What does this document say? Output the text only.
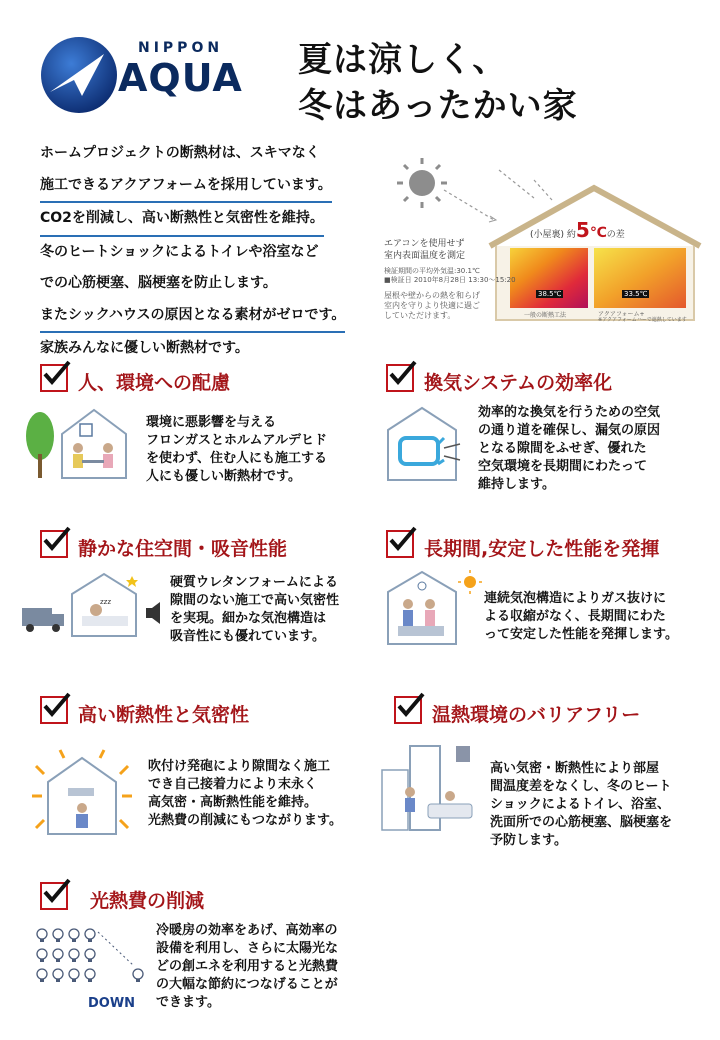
NIPPON
AQUA 夏は涼しく、
冬はあったかい家
ホームプロジェクトの断熱材は、スキマなく
施工できるアクアフォームを採用しています。 CO2を削減し、高い断熱性と気密性を維持。
冬のヒートショックによるトイレや浴室など
での心筋梗塞、脳梗塞を防止します。
またシックハウスの原因となる素材がゼロです。
家族みんなに優しい断熱材です。
(小屋裏) 約5℃の差
エアコンを使用せず
室内表面温度を測定
検証期間の平均外気温:30.1℃
■検証日 2010年8月28日 13:30～15:20
屋根や壁からの熱を和らげ
室内を守りより快適に過ご
していただけます。
38.5℃	33.5℃
一般の断熱工法	アクアフォーム+
※アクアフォームハーで遮熱しています
人、環境への配慮
環境に悪影響を与える
フロンガスとホルムアルデヒド
を使わず、住む人にも施工する
人にも優しい断熱材です。
換気システムの効率化
効率的な換気を行うための空気
の通り道を確保し、漏気の原因
となる隙間をふせぎ、優れた
空気環境を長期間にわたって
維持します。
静かな住空間・吸音性能
zzz
硬質ウレタンフォームによる
隙間のない施工で高い気密性
を実現。細かな気泡構造は
吸音性にも優れています。
長期間,安定した性能を発揮
連続気泡構造によりガス抜けに
よる収縮がなく、長期間にわた
って安定した性能を発揮します。
高い断熱性と気密性
吹付け発砲により隙間なく施工
でき自己接着力により末永く
高気密・高断熱性能を維持。
光熱費の削減にもつながります。
温熱環境のバリアフリー
高い気密・断熱性により部屋
間温度差をなくし、冬のヒート
ショックによるトイレ、浴室、
洗面所での心筋梗塞、脳梗塞を
予防します。
光熱費の削減
DOWN
冷暖房の効率をあげ、高効率の
設備を利用し、さらに太陽光な
どの創エネを利用すると光熱費
の大幅な節約につなげることが
できます。
